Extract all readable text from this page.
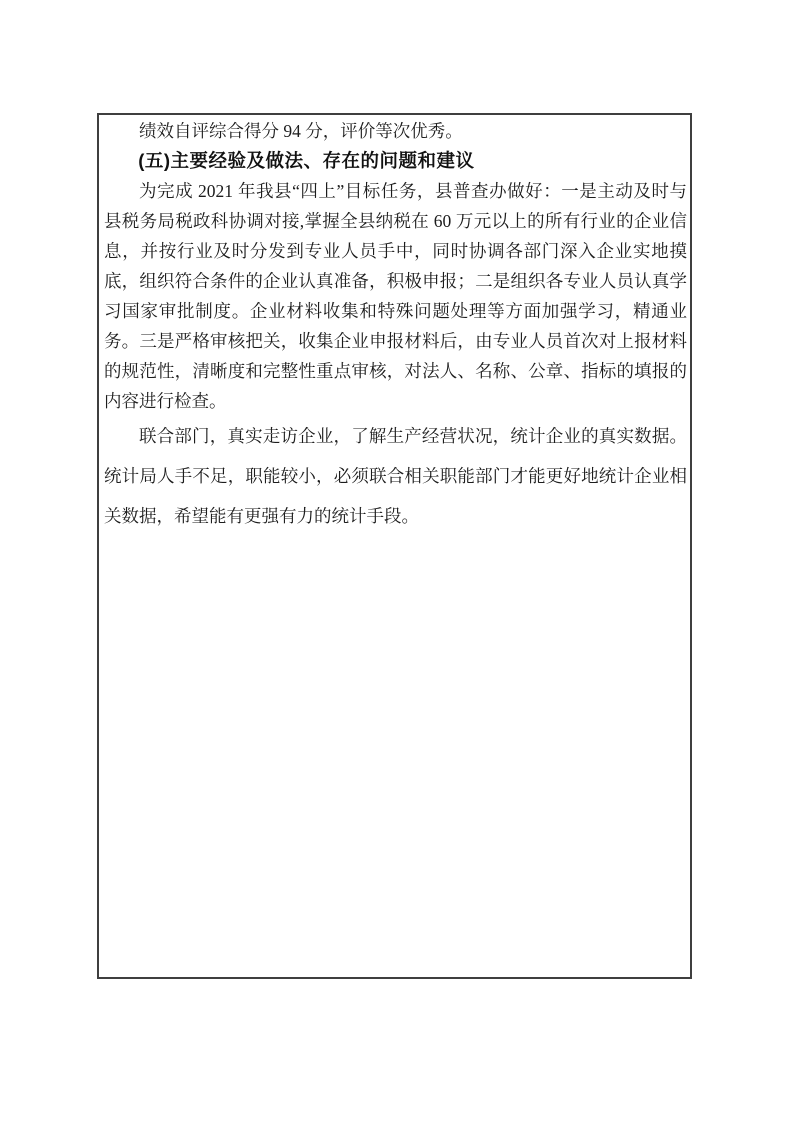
绩效自评综合得分 94 分，评价等次优秀。

(五)主要经验及做法、存在的问题和建议

为完成 2021 年我县“四上”目标任务，县普查办做好：一是主动及时与县税务局税政科协调对接,掌握全县纳税在 60 万元以上的所有行业的企业信息，并按行业及时分发到专业人员手中，同时协调各部门深入企业实地摸底，组织符合条件的企业认真准备，积极申报；二是组织各专业人员认真学习国家审批制度。企业材料收集和特殊问题处理等方面加强学习，精通业务。三是严格审核把关，收集企业申报材料后，由专业人员首次对上报材料的规范性，清晰度和完整性重点审核，对法人、名称、公章、指标的填报的内容进行检查。

联合部门，真实走访企业，了解生产经营状况，统计企业的真实数据。统计局人手不足，职能较小，必须联合相关职能部门才能更好地统计企业相关数据，希望能有更强有力的统计手段。
